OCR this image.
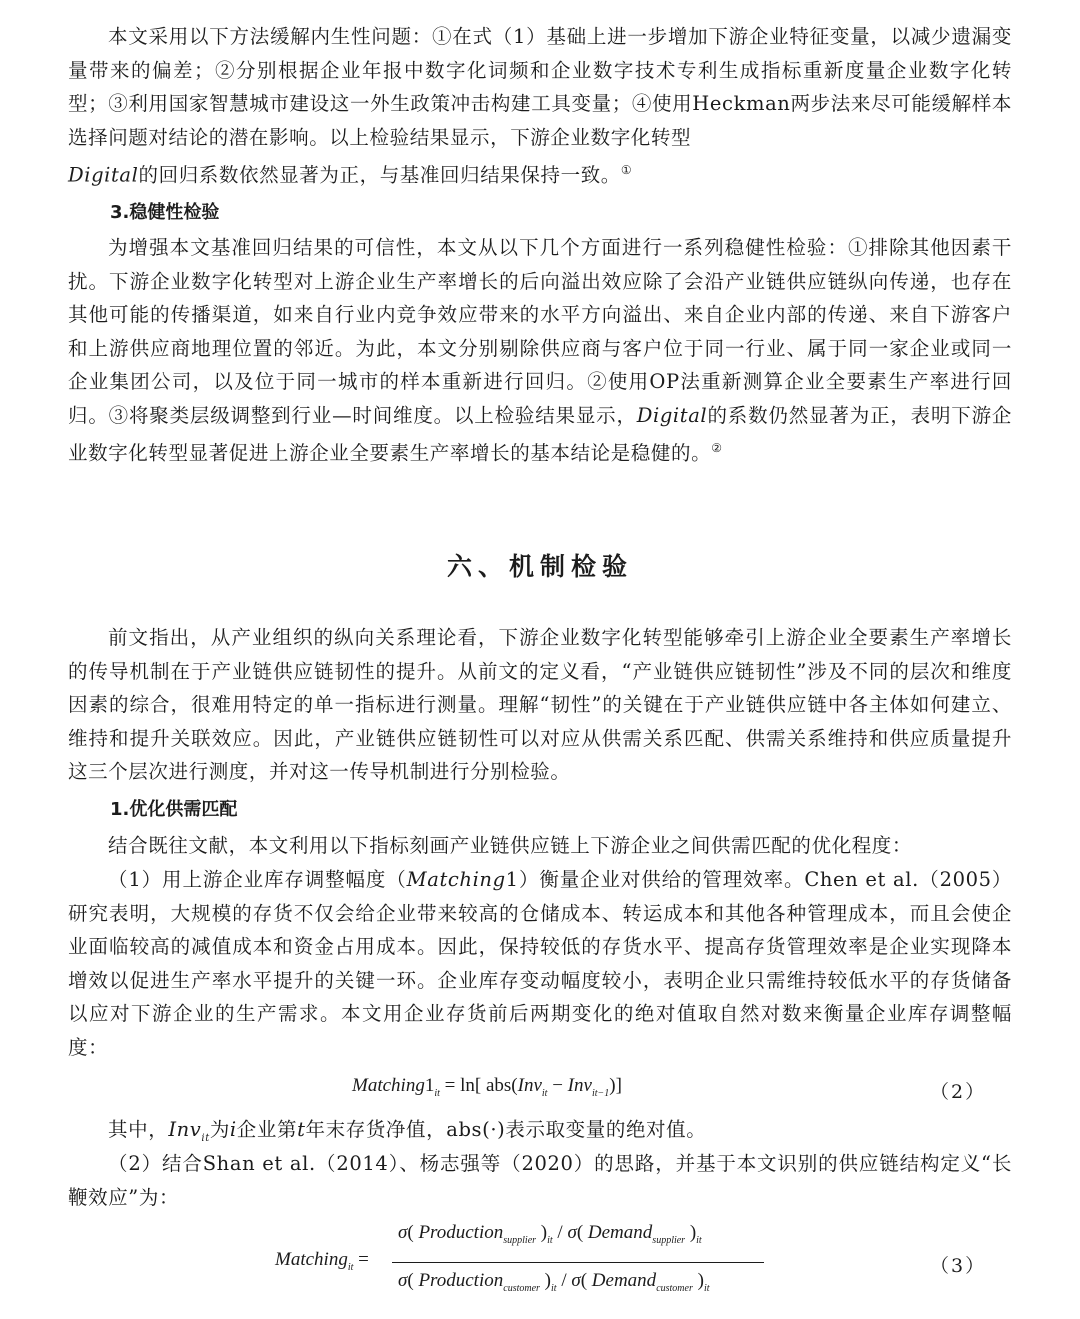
本文采用以下方法缓解内生性问题：①在式（1）基础上进一步增加下游企业特征变量，以减少遗漏变量带来的偏差；②分别根据企业年报中数字化词频和企业数字技术专利生成指标重新度量企业数字化转型；③利用国家智慧城市建设这一外生政策冲击构建工具变量；④使用Heckman两步法来尽可能缓解样本选择问题对结论的潜在影响。以上检验结果显示，下游企业数字化转型
Digital的回归系数依然显著为正，与基准回归结果保持一致。①

3.稳健性检验

为增强本文基准回归结果的可信性，本文从以下几个方面进行一系列稳健性检验：①排除其他因素干扰。下游企业数字化转型对上游企业生产率增长的后向溢出效应除了会沿产业链供应链纵向传递，也存在其他可能的传播渠道，如来自行业内竞争效应带来的水平方向溢出、来自企业内部的传递、来自下游客户和上游供应商地理位置的邻近。为此，本文分别剔除供应商与客户位于同一行业、属于同一家企业或同一企业集团公司，以及位于同一城市的样本重新进行回归。②使用OP法重新测算企业全要素生产率进行回归。③将聚类层级调整到行业—时间维度。以上检验结果显示，Digital的系数仍然显著为正，表明下游企业数字化转型显著促进上游企业全要素生产率增长的基本结论是稳健的。②

六、机制检验

前文指出，从产业组织的纵向关系理论看，下游企业数字化转型能够牵引上游企业全要素生产率增长的传导机制在于产业链供应链韧性的提升。从前文的定义看，“产业链供应链韧性”涉及不同的层次和维度因素的综合，很难用特定的单一指标进行测量。理解“韧性”的关键在于产业链供应链中各主体如何建立、维持和提升关联效应。因此，产业链供应链韧性可以对应从供需关系匹配、供需关系维持和供应质量提升这三个层次进行测度，并对这一传导机制进行分别检验。

1.优化供需匹配

结合既往文献，本文利用以下指标刻画产业链供应链上下游企业之间供需匹配的优化程度：

（1）用上游企业库存调整幅度（Matching1）衡量企业对供给的管理效率。Chen et al.（2005）研究表明，大规模的存货不仅会给企业带来较高的仓储成本、转运成本和其他各种管理成本，而且会使企业面临较高的减值成本和资金占用成本。因此，保持较低的存货水平、提高存货管理效率是企业实现降本增效以促进生产率水平提升的关键一环。企业库存变动幅度较小，表明企业只需维持较低水平的存货储备以应对下游企业的生产需求。本文用企业存货前后两期变化的绝对值取自然对数来衡量企业库存调整幅度：

$Matching1_{it} = \ln$[ abs(Inv$_{it}$ − Inv$_{it-1}$)]	（2）

其中，Inv$_{it}$为i企业第t年末存货净值，abs(·)表示取变量的绝对值。

（2）结合Shan et al.（2014）、杨志强等（2020）的思路，并基于本文识别的供应链结构定义“长鞭效应”为：

Matching$_{it}$ =
σ( Production$_{supplier}$ )$_{it} / \sigma$( Demand$_{supplier}$ )$_{it}$
σ( Production$_{customer}$ )$_{it} / \sigma$( Demand$_{customer}$ )$_{it}$
（3）
